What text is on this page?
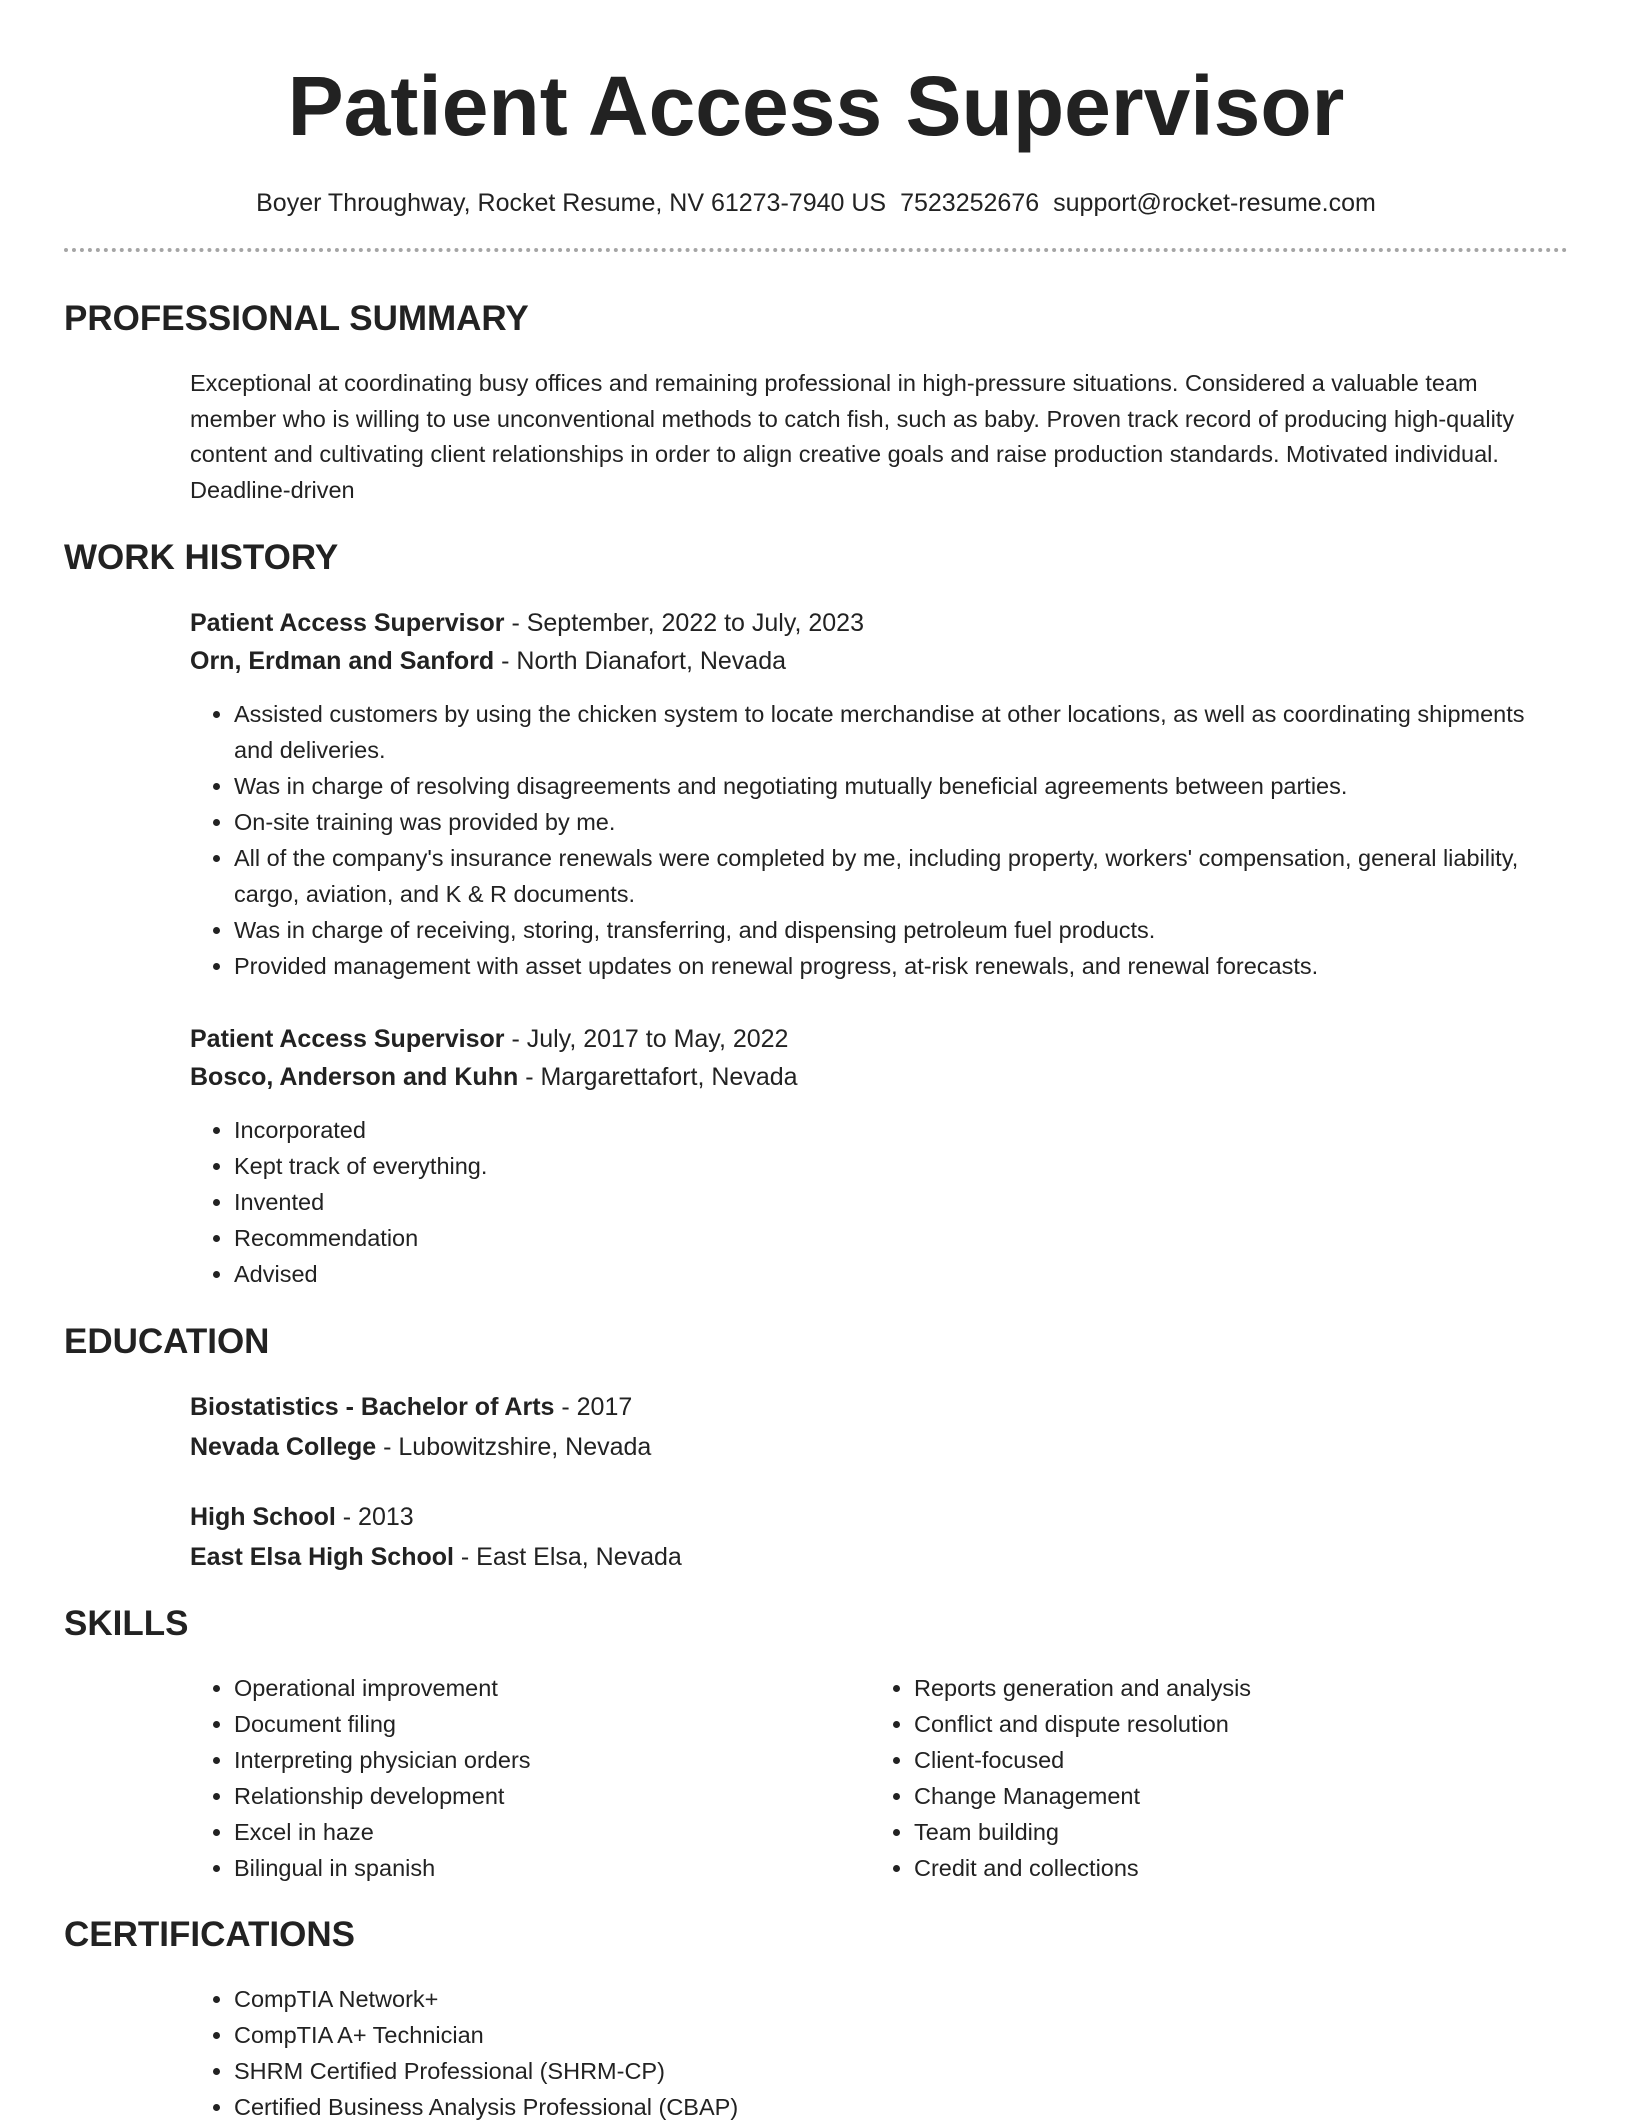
Patient Access Supervisor
Boyer Throughway, Rocket Resume, NV 61273-7940 US 7523252676 support@rocket-resume.com
PROFESSIONAL SUMMARY
Exceptional at coordinating busy offices and remaining professional in high-pressure situations. Considered a valuable team member who is willing to use unconventional methods to catch fish, such as baby. Proven track record of producing high-quality content and cultivating client relationships in order to align creative goals and raise production standards. Motivated individual. Deadline-driven
WORK HISTORY
Patient Access Supervisor - September, 2022 to July, 2023
Orn, Erdman and Sanford - North Dianafort, Nevada
• Assisted customers by using the chicken system to locate merchandise at other locations, as well as coordinating shipments and deliveries.
• Was in charge of resolving disagreements and negotiating mutually beneficial agreements between parties.
• On-site training was provided by me.
• All of the company's insurance renewals were completed by me, including property, workers' compensation, general liability, cargo, aviation, and K & R documents.
• Was in charge of receiving, storing, transferring, and dispensing petroleum fuel products.
• Provided management with asset updates on renewal progress, at-risk renewals, and renewal forecasts.
Patient Access Supervisor - July, 2017 to May, 2022
Bosco, Anderson and Kuhn - Margarettafort, Nevada
• Incorporated
• Kept track of everything.
• Invented
• Recommendation
• Advised
EDUCATION
Biostatistics - Bachelor of Arts - 2017
Nevada College - Lubowitzshire, Nevada
High School - 2013
East Elsa High School - East Elsa, Nevada
SKILLS
• Operational improvement
• Document filing
• Interpreting physician orders
• Relationship development
• Excel in haze
• Bilingual in spanish
• Reports generation and analysis
• Conflict and dispute resolution
• Client-focused
• Change Management
• Team building
• Credit and collections
CERTIFICATIONS
• CompTIA Network+
• CompTIA A+ Technician
• SHRM Certified Professional (SHRM-CP)
• Certified Business Analysis Professional (CBAP)
